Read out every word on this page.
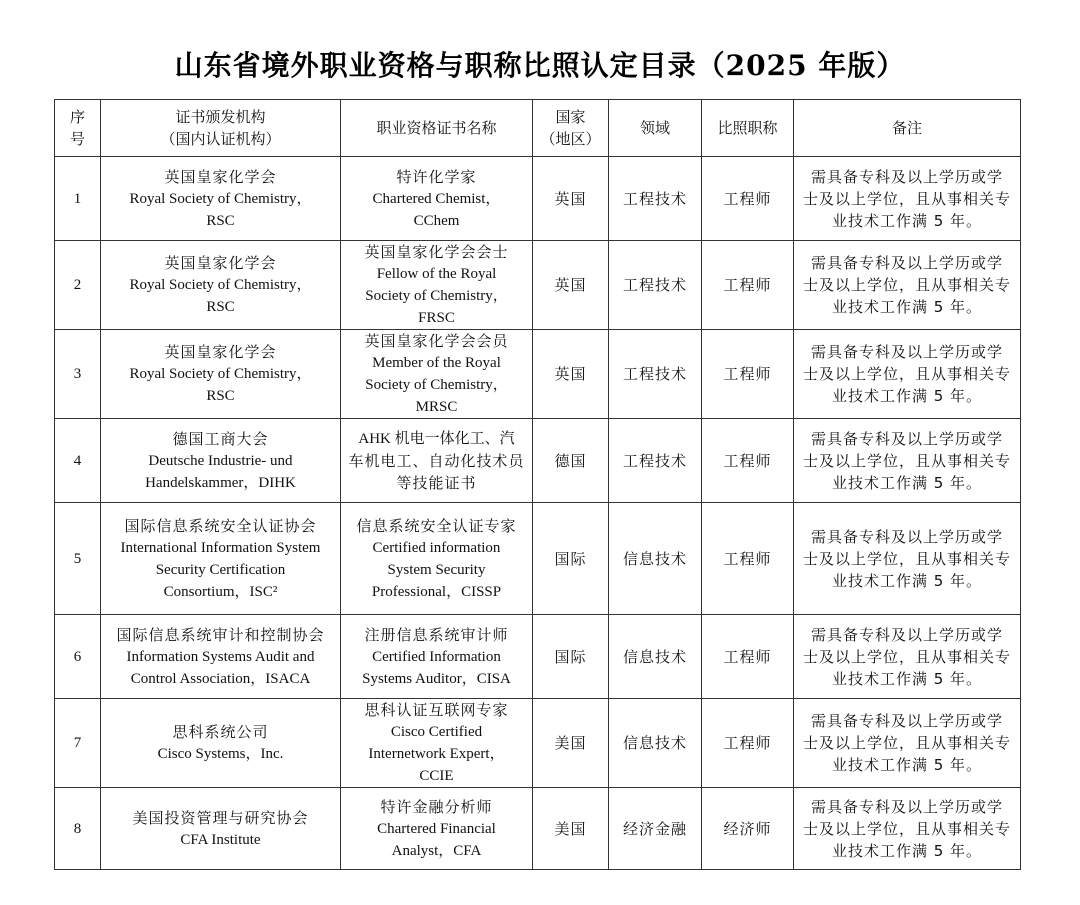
山东省境外职业资格与职称比照认定目录（2025 年版）
序
号	证书颁发机构
（国内认证机构）	职业资格证书名称	国家
（地区）	领域	比照职称	备注

1	英国皇家化学会
Royal Society of Chemistry，
RSC	特许化学家
Chartered Chemist，
CChem	英国	工程技术	工程师	需具备专科及以上学历或学
士及以上学位，且从事相关专
业技术工作满 5 年。

2	英国皇家化学会
Royal Society of Chemistry，
RSC	英国皇家化学会会士
Fellow of the Royal
Society of Chemistry，
FRSC	英国	工程技术	工程师	需具备专科及以上学历或学
士及以上学位，且从事相关专
业技术工作满 5 年。

3	英国皇家化学会
Royal Society of Chemistry，
RSC	英国皇家化学会会员
Member of the Royal
Society of Chemistry，
MRSC	英国	工程技术	工程师	需具备专科及以上学历或学
士及以上学位，且从事相关专
业技术工作满 5 年。

4	德国工商大会
Deutsche Industrie- und
Handelskammer，DIHK	AHK 机电一体化工、汽
车机电工、自动化技术员
等技能证书	德国	工程技术	工程师	需具备专科及以上学历或学
士及以上学位，且从事相关专
业技术工作满 5 年。

5	国际信息系统安全认证协会
International Information System
Security Certification
Consortium，ISC²	信息系统安全认证专家
Certified information
System Security
Professional，CISSP	国际	信息技术	工程师	需具备专科及以上学历或学
士及以上学位，且从事相关专
业技术工作满 5 年。

6	国际信息系统审计和控制协会
Information Systems Audit and
Control Association，ISACA	注册信息系统审计师
Certified Information
Systems Auditor，CISA	国际	信息技术	工程师	需具备专科及以上学历或学
士及以上学位，且从事相关专
业技术工作满 5 年。

7	思科系统公司
Cisco Systems，Inc.	思科认证互联网专家
Cisco Certified
Internetwork Expert，
CCIE	美国	信息技术	工程师	需具备专科及以上学历或学
士及以上学位，且从事相关专
业技术工作满 5 年。

8	美国投资管理与研究协会
CFA Institute	特许金融分析师
Chartered Financial
Analyst，CFA	美国	经济金融	经济师	需具备专科及以上学历或学
士及以上学位，且从事相关专
业技术工作满 5 年。
